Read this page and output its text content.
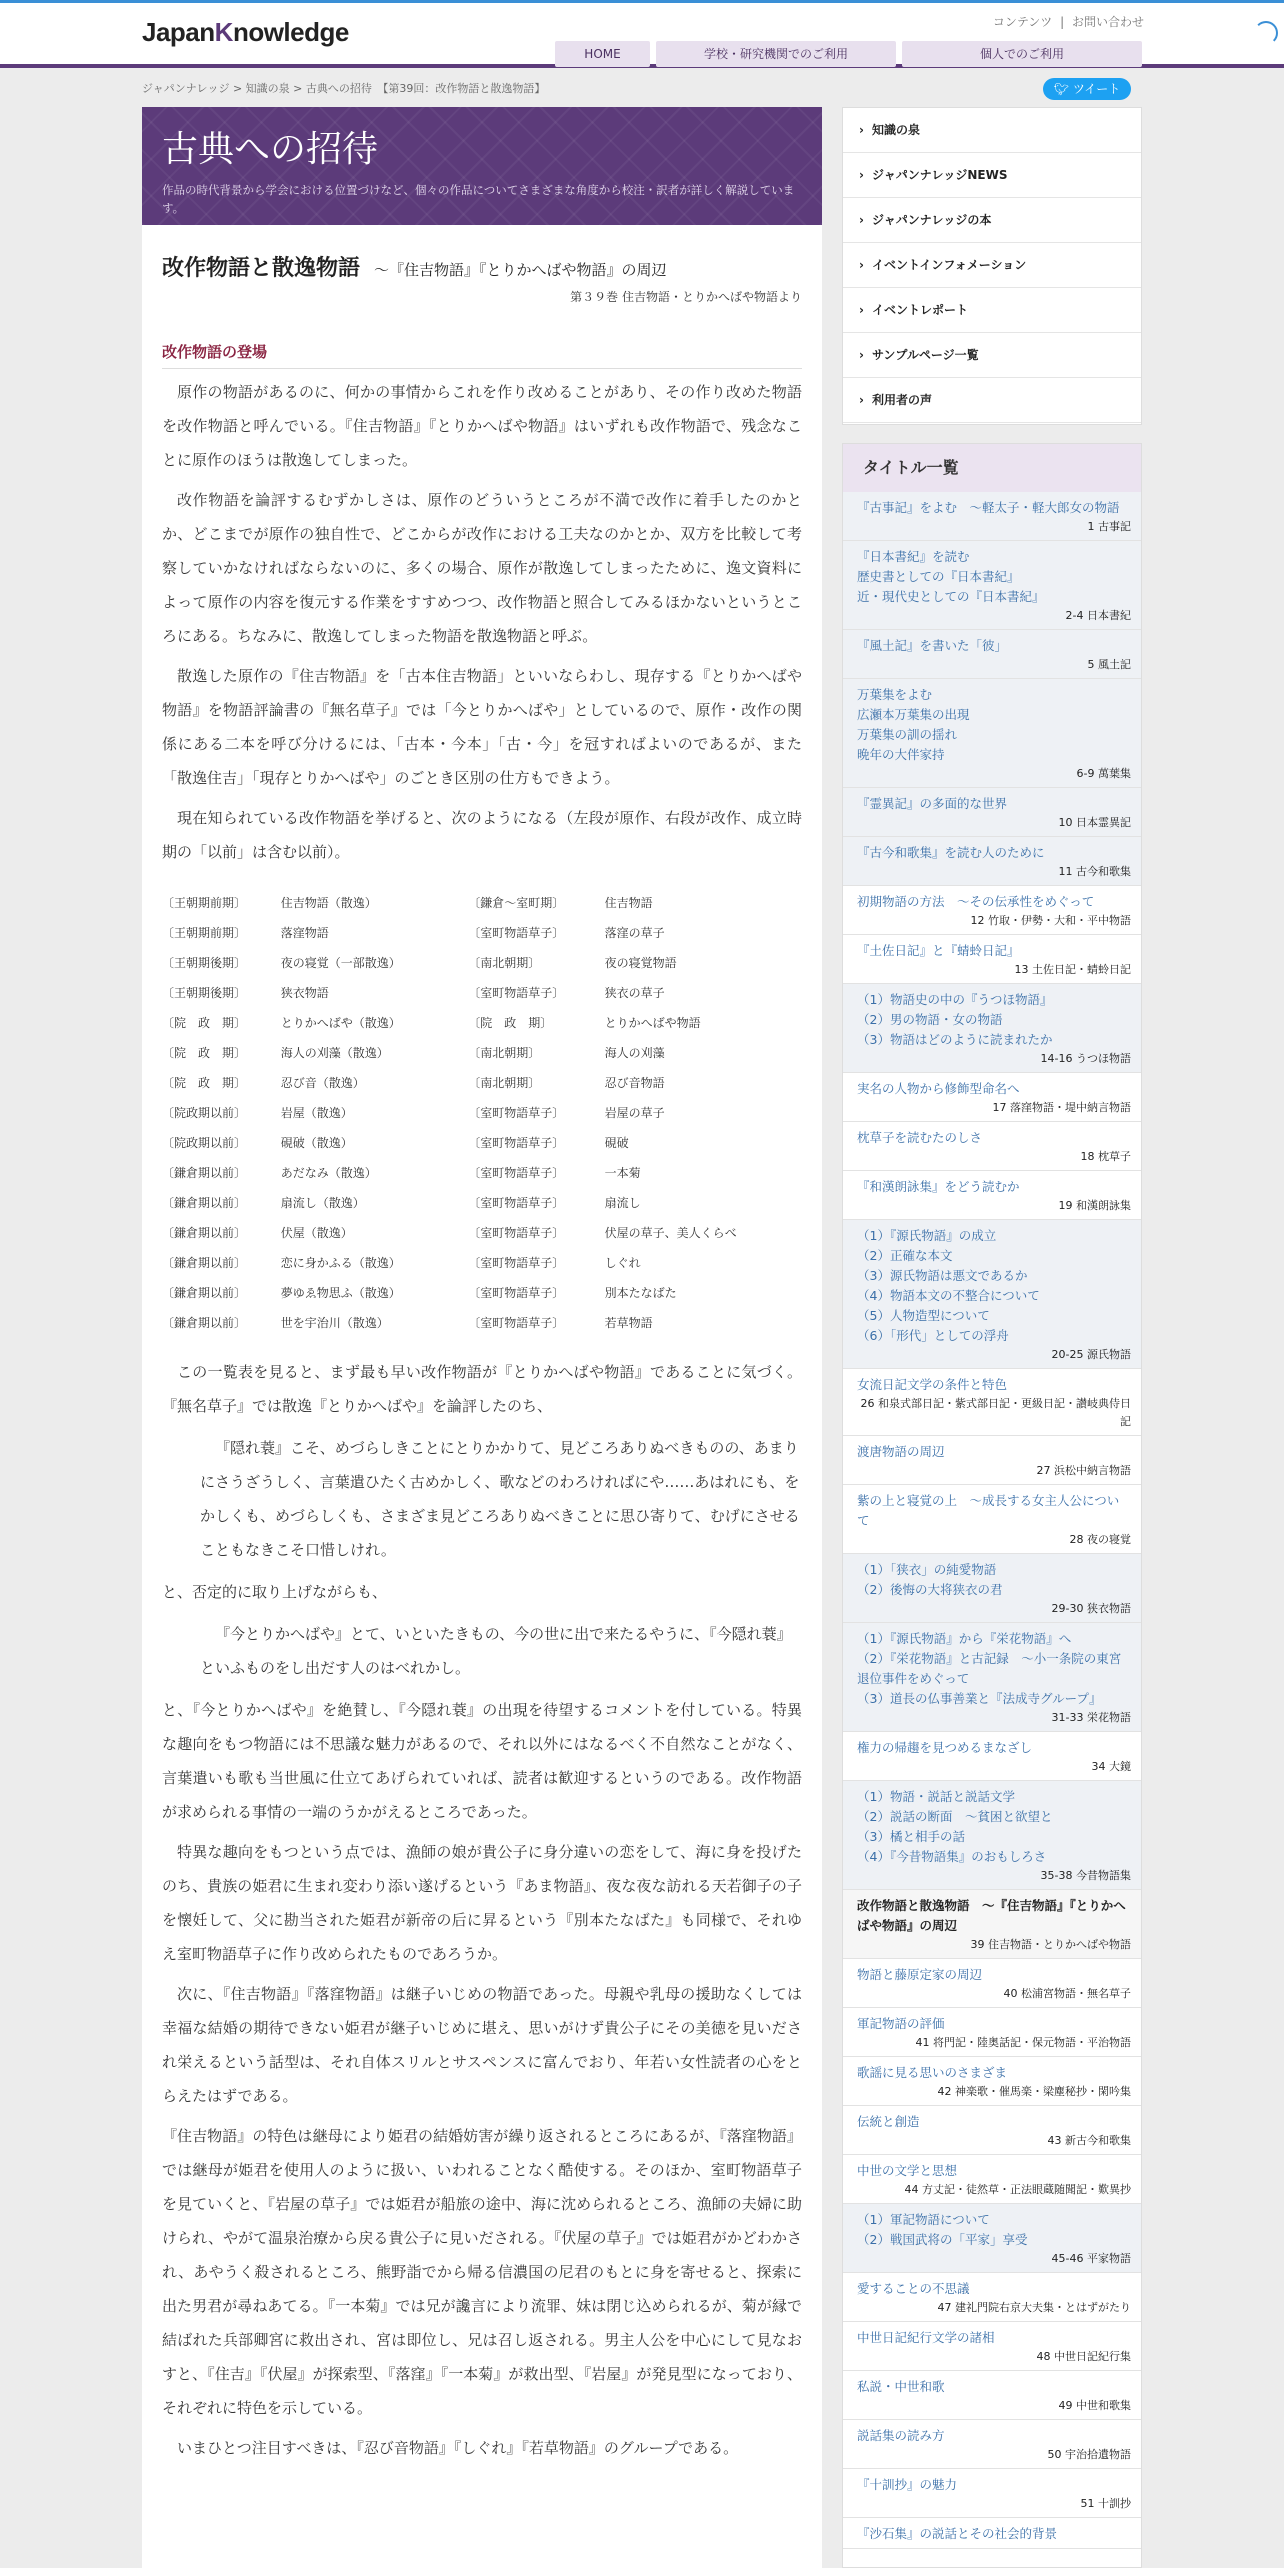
JapanKnowledge	コンテンツ | お問い合わせ
HOME	学校・研究機関でのご利用	個人でのご利用
ジャパンナレッジ > 知識の泉 > 古典への招待　【第39回：改作物語と散逸物語】	🐦︎ ツイート
古典への招待

作品の時代背景から学会における位置づけなど、個々の作品についてさまざまな角度から校注・訳者が詳しく解説しています。

改作物語と散逸物語 ～『住吉物語』『とりかへばや物語』の周辺
第３９巻 住吉物語・とりかへばや物語より
改作物語の登場
原作の物語があるのに、何かの事情からこれを作り改めることがあり、その作り改めた物語を改作物語と呼んでいる。『住吉物語』『とりかへばや物語』はいずれも改作物語で、残念なことに原作のほうは散逸してしまった。
改作物語を論評するむずかしさは、原作のどういうところが不満で改作に着手したのかとか、どこまでが原作の独自性で、どこからが改作における工夫なのかとか、双方を比較して考察していかなければならないのに、多くの場合、原作が散逸してしまったために、逸文資料によって原作の内容を復元する作業をすすめつつ、改作物語と照合してみるほかないというところにある。ちなみに、散逸してしまった物語を散逸物語と呼ぶ。
散逸した原作の『住吉物語』を「古本住吉物語」といいならわし、現存する『とりかへばや物語』を物語評論書の『無名草子』では「今とりかへばや」としているので、原作・改作の関係にある二本を呼び分けるには、「古本・今本」「古・今」を冠すればよいのであるが、また「散逸住吉」「現存とりかへばや」のごとき区別の仕方もできよう。
現在知られている改作物語を挙げると、次のようになる（左段が原作、右段が改作、成立時期の「以前」は含む以前）。
〔王朝期前期〕	住吉物語（散逸）	〔鎌倉～室町期〕	住吉物語
〔王朝期前期〕	落窪物語	〔室町物語草子〕	落窪の草子
〔王朝期後期〕	夜の寝覚（一部散逸）	〔南北朝期〕	夜の寝覚物語
〔王朝期後期〕	狭衣物語	〔室町物語草子〕	狭衣の草子
〔院　政　期〕	とりかへばや（散逸）	〔院　政　期〕	とりかへばや物語
〔院　政　期〕	海人の刈藻（散逸）	〔南北朝期〕	海人の刈藻
〔院　政　期〕	忍び音（散逸）	〔南北朝期〕	忍び音物語
〔院政期以前〕	岩屋（散逸）	〔室町物語草子〕	岩屋の草子
〔院政期以前〕	硯破（散逸）	〔室町物語草子〕	硯破
〔鎌倉期以前〕	あだなみ（散逸）	〔室町物語草子〕	一本菊
〔鎌倉期以前〕	扇流し（散逸）	〔室町物語草子〕	扇流し
〔鎌倉期以前〕	伏屋（散逸）	〔室町物語草子〕	伏屋の草子、美人くらべ
〔鎌倉期以前〕	恋に身かふる（散逸）	〔室町物語草子〕	しぐれ
〔鎌倉期以前〕	夢ゆゑ物思ふ（散逸）	〔室町物語草子〕	別本たなばた
〔鎌倉期以前〕	世を宇治川（散逸）	〔室町物語草子〕	若草物語
この一覧表を見ると、まず最も早い改作物語が『とりかへばや物語』であることに気づく。『無名草子』では散逸『とりかへばや』を論評したのち、
『隠れ蓑』こそ、めづらしきことにとりかかりて、見どころありぬべきものの、あまりにさうざうしく、言葉遣ひたく古めかしく、歌などのわろければにや……あはれにも、をかしくも、めづらしくも、さまざま見どころありぬべきことに思ひ寄りて、むげにさせることもなきこそ口惜しけれ。
と、否定的に取り上げながらも、
『今とりかへばや』とて、いといたきもの、今の世に出で来たるやうに、『今隠れ蓑』といふものをし出だす人のはべれかし。
と、『今とりかへばや』を絶賛し、『今隠れ蓑』の出現を待望するコメントを付している。特異な趣向をもつ物語には不思議な魅力があるので、それ以外にはなるべく不自然なことがなく、言葉遣いも歌も当世風に仕立てあげられていれば、読者は歓迎するというのである。改作物語が求められる事情の一端のうかがえるところであった。
特異な趣向をもつという点では、漁師の娘が貴公子に身分違いの恋をして、海に身を投げたのち、貴族の姫君に生まれ変わり添い遂げるという『あま物語』、夜な夜な訪れる天若御子の子を懐妊して、父に勘当された姫君が新帝の后に昇るという『別本たなばた』も同様で、それゆえ室町物語草子に作り改められたものであろうか。
次に、『住吉物語』『落窪物語』は継子いじめの物語であった。母親や乳母の援助なくしては幸福な結婚の期待できない姫君が継子いじめに堪え、思いがけず貴公子にその美徳を見いだされ栄えるという話型は、それ自体スリルとサスペンスに富んでおり、年若い女性読者の心をとらえたはずである。
『住吉物語』の特色は継母により姫君の結婚妨害が繰り返されるところにあるが、『落窪物語』では継母が姫君を使用人のように扱い、いわれることなく酷使する。そのほか、室町物語草子を見ていくと、『岩屋の草子』では姫君が船旅の途中、海に沈められるところ、漁師の夫婦に助けられ、やがて温泉治療から戻る貴公子に見いだされる。『伏屋の草子』では姫君がかどわかされ、あやうく殺されるところ、熊野詣でから帰る信濃国の尼君のもとに身を寄せると、探索に出た男君が尋ねあてる。『一本菊』では兄が讒言により流罪、妹は閉じ込められるが、菊が縁で結ばれた兵部卿宮に救出され、宮は即位し、兄は召し返される。男主人公を中心にして見なおすと、『住吉』『伏屋』が探索型、『落窪』『一本菊』が救出型、『岩屋』が発見型になっており、それぞれに特色を示している。
いまひとつ注目すべきは、『忍び音物語』『しぐれ』『若草物語』のグループである。
› 知識の泉
› ジャパンナレッジNEWS
› ジャパンナレッジの本
› イベントインフォメーション
› イベントレポート
› サンプルページ一覧
› 利用者の声
タイトル一覧
『古事記』をよむ　～軽太子・軽大郎女の物語
1 古事記
『日本書紀』を読む
歴史書としての『日本書紀』
近・現代史としての『日本書紀』
2-4 日本書紀
『風土記』を書いた「彼」
5 風土記
万葉集をよむ
広瀬本万葉集の出現
万葉集の訓の揺れ
晩年の大伴家持
6-9 萬葉集
『霊異記』の多面的な世界
10 日本霊異記
『古今和歌集』を読む人のために
11 古今和歌集
初期物語の方法　～その伝承性をめぐって
12 竹取・伊勢・大和・平中物語
『土佐日記』と『蜻蛉日記』
13 土佐日記・蜻蛉日記
（1）物語史の中の『うつほ物語』
（2）男の物語・女の物語
（3）物語はどのように読まれたか
14-16 うつほ物語
実名の人物から修飾型命名へ
17 落窪物語・堤中納言物語
枕草子を読むたのしさ
18 枕草子
『和漢朗詠集』をどう読むか
19 和漢朗詠集
（1）『源氏物語』の成立
（2）正確な本文
（3）源氏物語は悪文であるか
（4）物語本文の不整合について
（5）人物造型について
（6）「形代」としての浮舟
20-25 源氏物語
女流日記文学の条件と特色
26 和泉式部日記・紫式部日記・更級日記・讃岐典侍日記
渡唐物語の周辺
27 浜松中納言物語
紫の上と寝覚の上　～成長する女主人公について
28 夜の寝覚
（1）「狭衣」の純愛物語
（2）後悔の大将狭衣の君
29-30 狭衣物語
（1）『源氏物語』から『栄花物語』へ
（2）『栄花物語』と古記録　～小一条院の東宮退位事件をめぐって
（3）道長の仏事善業と『法成寺グループ』
31-33 栄花物語
権力の帰趨を見つめるまなざし
34 大鏡
（1）物語・説話と説話文学
（2）説話の断面　～貧困と欲望と
（3）橘と相手の話
（4）『今昔物語集』のおもしろさ
35-38 今昔物語集
改作物語と散逸物語　～『住吉物語』『とりかへばや物語』の周辺
39 住吉物語・とりかへばや物語
物語と藤原定家の周辺
40 松浦宮物語・無名草子
軍記物語の評価
41 将門記・陸奥話記・保元物語・平治物語
歌謡に見る思いのさまざま
42 神楽歌・催馬楽・梁塵秘抄・閑吟集
伝統と創造
43 新古今和歌集
中世の文学と思想
44 方丈記・徒然草・正法眼蔵随聞記・歎異抄
（1）軍記物語について
（2）戦国武将の「平家」享受
45-46 平家物語
愛することの不思議
47 建礼門院右京大夫集・とはずがたり
中世日記紀行文学の諸相
48 中世日記紀行集
私説・中世和歌
49 中世和歌集
説話集の読み方
50 宇治拾遺物語
『十訓抄』の魅力
51 十訓抄
『沙石集』の説話とその社会的背景
